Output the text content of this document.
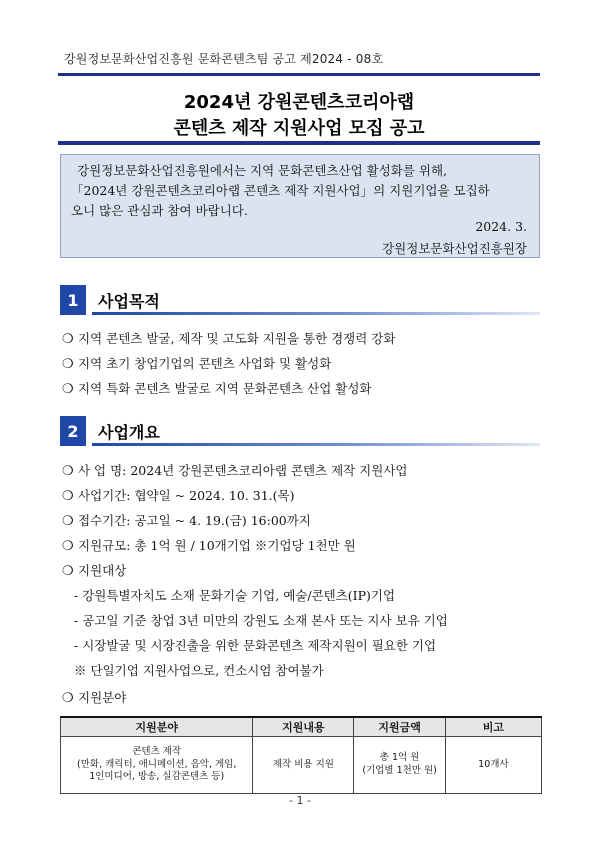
강원정보문화산업진흥원 문화콘텐츠팀 공고 제2024 - 08호
2024년 강원콘텐츠코리아랩
콘텐츠 제작 지원사업 모집 공고
강원정보문화산업진흥원에서는 지역 문화콘텐츠산업 활성화를 위해,
「2024년 강원콘텐츠코리아랩 콘텐츠 제작 지원사업」의 지원기업을 모집하
오니 많은 관심과 참여 바랍니다.
2024. 3.
강원정보문화산업진흥원장
1	사업목적
❍ 지역 콘텐츠 발굴, 제작 및 고도화 지원을 통한 경쟁력 강화
❍ 지역 초기 창업기업의 콘텐츠 사업화 및 활성화
❍ 지역 특화 콘텐츠 발굴로 지역 문화콘텐츠 산업 활성화
2	사업개요
❍ 사 업 명: 2024년 강원콘텐츠코리아랩 콘텐츠 제작 지원사업
❍ 사업기간: 협약일 ~ 2024. 10. 31.(목)
❍ 접수기간: 공고일 ~ 4. 19.(금) 16:00까지
❍ 지원규모: 총 1억 원 / 10개기업 ※기업당 1천만 원
❍ 지원대상
- 강원특별자치도 소재 문화기술 기업, 예술/콘텐츠(IP)기업
- 공고일 기준 창업 3년 미만의 강원도 소재 본사 또는 지사 보유 기업
- 시장발굴 및 시장진출을 위한 문화콘텐츠 제작지원이 필요한 기업
※ 단일기업 지원사업으로, 컨소시엄 참여불가
❍ 지원분야
지원분야	지원내용	지원금액	비고

콘텐츠 제작
(만화, 캐릭터, 애니메이션, 음악, 게임,
1인미디어, 방송, 실감콘텐츠 등)	제작 비용 지원	총 1억 원
(기업별 1천만 원)	10개사
- 1 -
